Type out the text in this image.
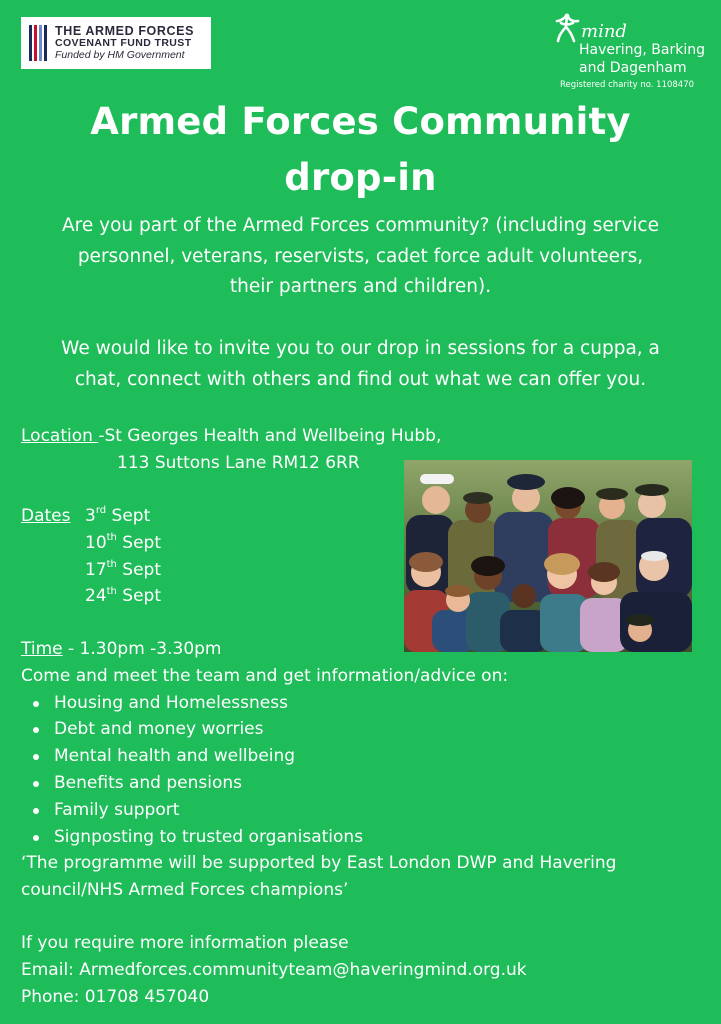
THE ARMED FORCES
COVENANT FUND TRUST
Funded by HM Government
mind
Havering, Barking
and Dagenham
Registered charity no. 1108470
Armed Forces Community
drop-in
Are you part of the Armed Forces community? (including service
personnel, veterans, reservists, cadet force adult volunteers,
their partners and children).
We would like to invite you to our drop in sessions for a cuppa, a
chat, connect with others and find out what we can offer you.
Location -St Georges Health and Wellbeing Hubb,
113 Suttons Lane RM12 6RR
Dates 3rd Sept
10th Sept
17th Sept
24th Sept
Time - 1.30pm -3.30pm
Come and meet the team and get information/advice on:
Housing and Homelessness
Debt and money worries
Mental health and wellbeing
Benefits and pensions
Family support
Signposting to trusted organisations
‘The programme will be supported by East London DWP and Havering
council/NHS Armed Forces champions’
If you require more information please
Email: Armedforces.communityteam@haveringmind.org.uk
Phone: 01708 457040
